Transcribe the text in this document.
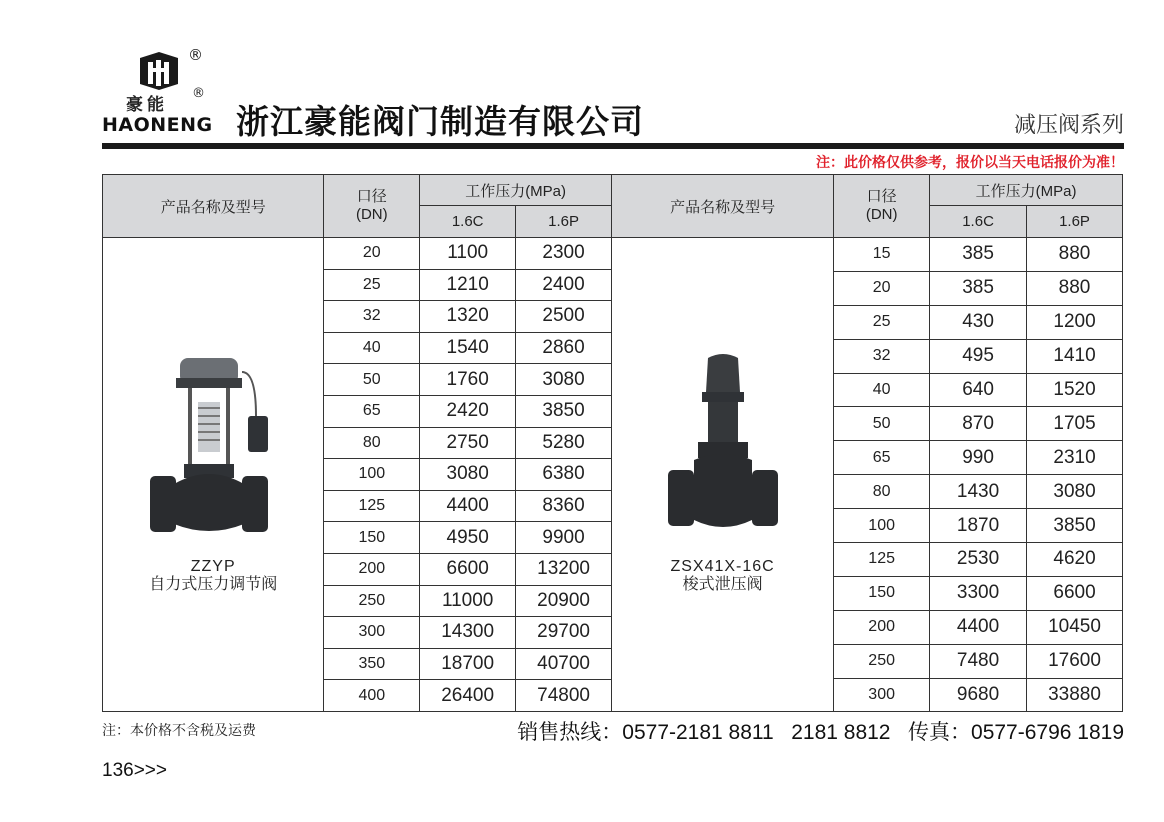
®
豪能
®
HAONENG 浙江豪能阀门制造有限公司	减压阀系列
注：此价格仅供参考，报价以当天电话报价为准！
产品名称及型号	口径
(DN)	工作压力(MPa)	
		1.6C	1.6P

ZZYP
自力式压力调节阀	20	1100	2300
	25	1210	2400
	32	1320	2500
	40	1540	2860
	50	1760	3080
	65	2420	3850
	80	2750	5280
	100	3080	6380
	125	4400	8360
	150	4950	9900
	200	6600	13200
	250	11000	20900
	300	14300	29700
	350	18700	40700
	400	26400	74800
产品名称及型号	口径
(DN)	工作压力(MPa)	
		1.6C	1.6P

ZSX41X-16C
梭式泄压阀	15	385	880
	20	385	880
	25	430	1200
	32	495	1410
	40	640	1520
	50	870	1705
	65	990	2310
	80	1430	3080
	100	1870	3850
	125	2530	4620
	150	3300	6600
	200	4400	10450
	250	7480	17600
	300	9680	33880
注：本价格不含税及运费	销售热线：0577-2181 8811   2181 8812 传真：0577-6796 1819
136>>>
